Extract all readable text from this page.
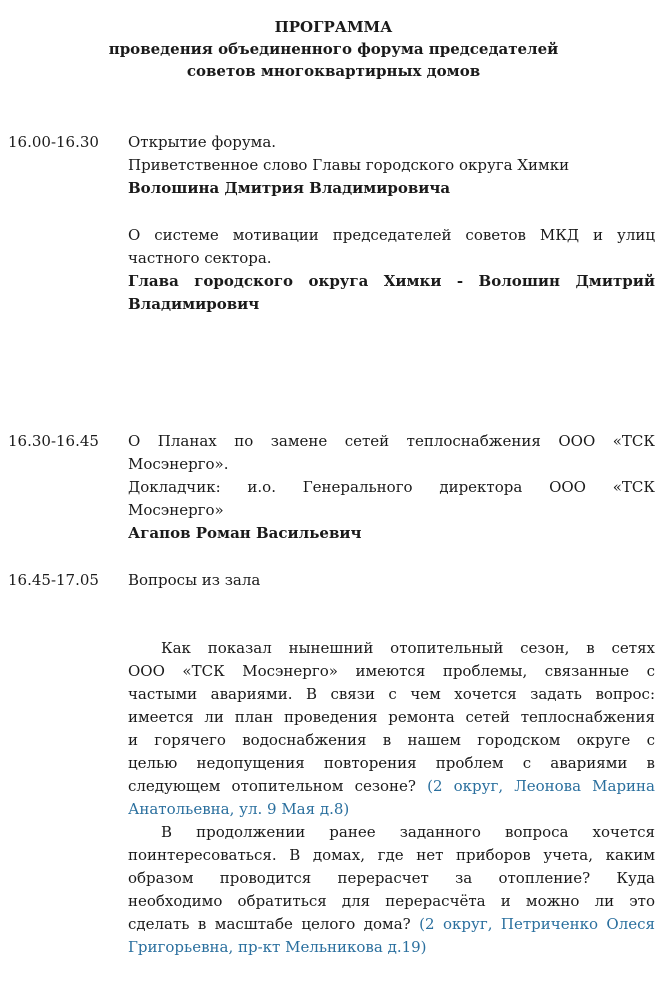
ПРОГРАММА
проведения объединенного форума председателей
советов многоквартирных домов
16.00-16.30	Открытие форума.
Приветственное слово Главы городского округа Химки
Волошина Дмитрия Владимировича
О системе мотивации председателей советов МКД и улиц
частного сектора.
Глава городского округа Химки - Волошин Дмитрий
Владимирович
16.30-16.45	О Планах по замене сетей теплоснабжения ООО «ТСК
Мосэнерго».
Докладчик: и.о. Генерального директора ООО «ТСК
Мосэнерго»
Агапов Роман Васильевич
16.45-17.05	Вопросы из зала
Как показал нынешний отопительный сезон, в сетях
ООО «ТСК Мосэнерго» имеются проблемы, связанные с
частыми авариями. В связи с чем хочется задать вопрос:
имеется ли план проведения ремонта сетей теплоснабжения
и горячего водоснабжения в нашем городском округе с
целью недопущения повторения проблем с авариями в
следующем отопительном сезоне? (2 округ, Леонова Марина
Анатольевна, ул. 9 Мая д.8)
В продолжении ранее заданного вопроса хочется
поинтересоваться. В домах, где нет приборов учета, каким
образом проводится перерасчет за отопление? Куда
необходимо обратиться для перерасчёта и можно ли это
сделать в масштабе целого дома? (2 округ, Петриченко Олеся
Григорьевна, пр-кт Мельникова д.19)
